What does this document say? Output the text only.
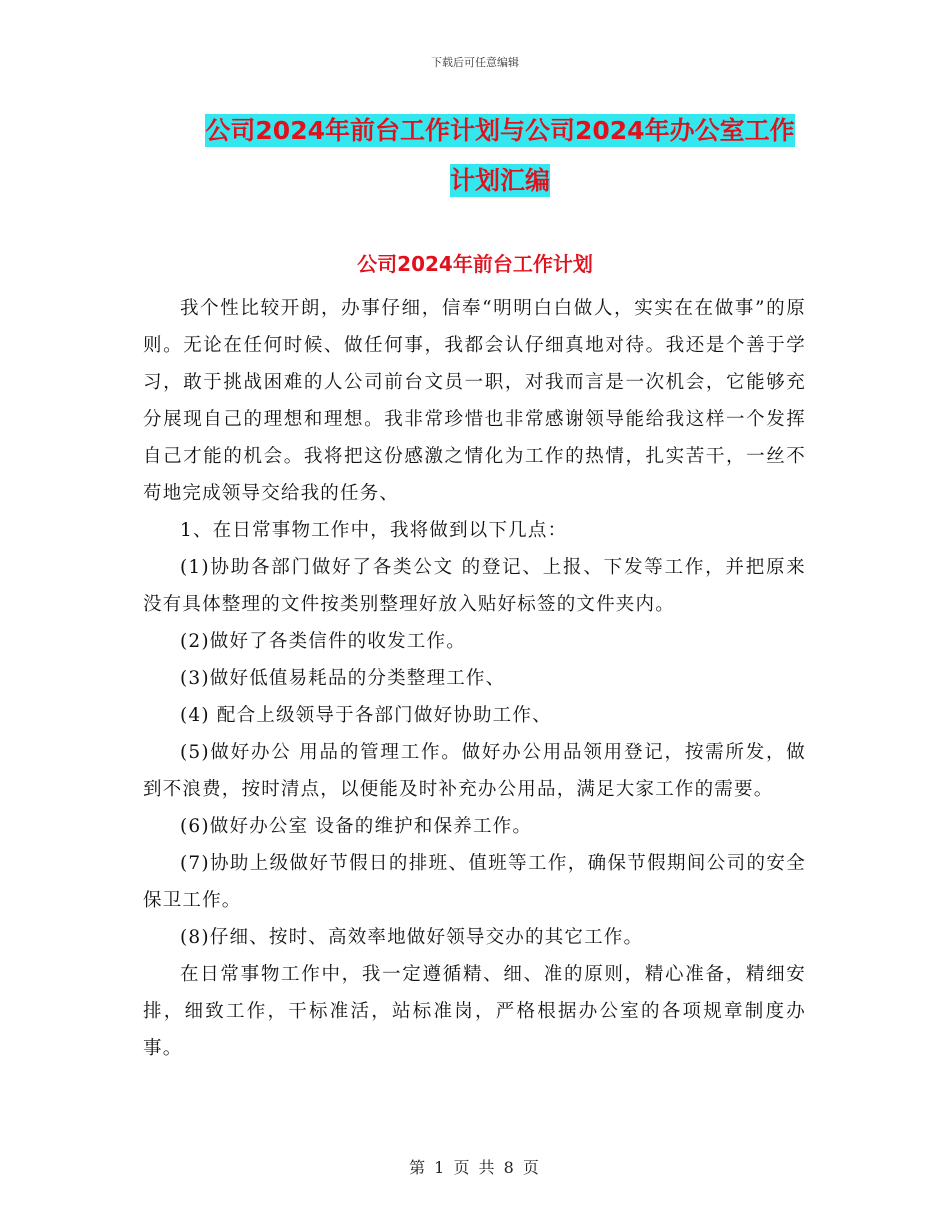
下载后可任意编辑
公司2024年前台工作计划与公司2024年办公室工作
计划汇编
公司2024年前台工作计划

我个性比较开朗，办事仔细，信奉“明明白白做人，实实在在做事”的原则。无论在任何时候、做任何事，我都会认仔细真地对待。我还是个善于学习，敢于挑战困难的人公司前台文员一职，对我而言是一次机会，它能够充分展现自己的理想和理想。我非常珍惜也非常感谢领导能给我这样一个发挥自己才能的机会。我将把这份感激之情化为工作的热情，扎实苦干，一丝不苟地完成领导交给我的任务、

1、在日常事物工作中，我将做到以下几点：

(1)协助各部门做好了各类公文 的登记、上报、下发等工作，并把原来没有具体整理的文件按类别整理好放入贴好标签的文件夹内。

(2)做好了各类信件的收发工作。

(3)做好低值易耗品的分类整理工作、

(4) 配合上级领导于各部门做好协助工作、

(5)做好办公 用品的管理工作。做好办公用品领用登记，按需所发，做到不浪费，按时清点，以便能及时补充办公用品，满足大家工作的需要。

(6)做好办公室 设备的维护和保养工作。

(7)协助上级做好节假日的排班、值班等工作，确保节假期间公司的安全保卫工作。

(8)仔细、按时、高效率地做好领导交办的其它工作。

在日常事物工作中，我一定遵循精、细、准的原则，精心准备，精细安排，细致工作，干标准活，站标准岗，严格根据办公室的各项规章制度办事。

第 1 页 共 8 页
